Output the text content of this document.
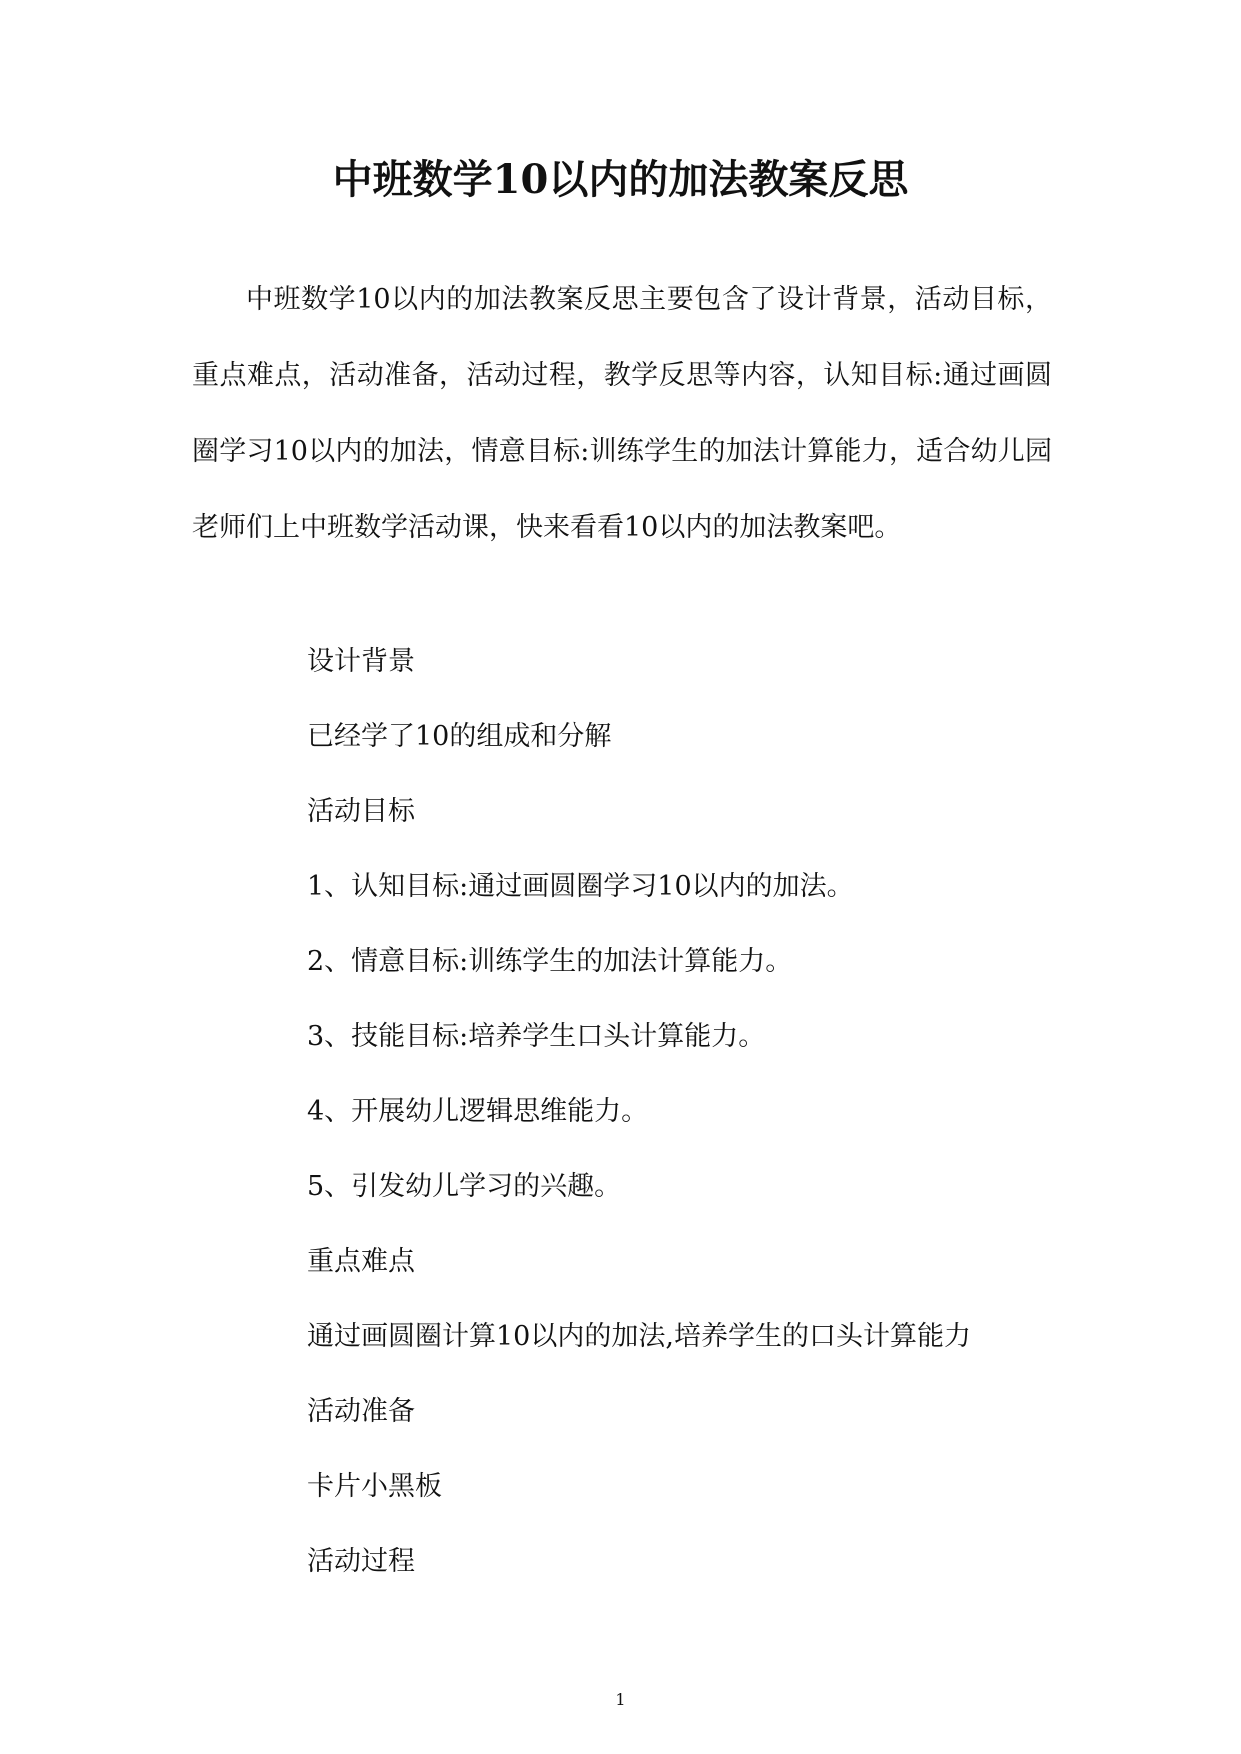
中班数学10以内的加法教案反思

中班数学10以内的加法教案反思主要包含了设计背景，活动目标，重点难点，活动准备，活动过程，教学反思等内容，认知目标:通过画圆圈学习10以内的加法，情意目标:训练学生的加法计算能力，适合幼儿园老师们上中班数学活动课，快来看看10以内的加法教案吧。

设计背景
已经学了10的组成和分解
活动目标
1、认知目标:通过画圆圈学习10以内的加法。
2、情意目标:训练学生的加法计算能力。
3、技能目标:培养学生口头计算能力。
4、开展幼儿逻辑思维能力。
5、引发幼儿学习的兴趣。
重点难点
通过画圆圈计算10以内的加法,培养学生的口头计算能力
活动准备
卡片小黑板
活动过程
1
